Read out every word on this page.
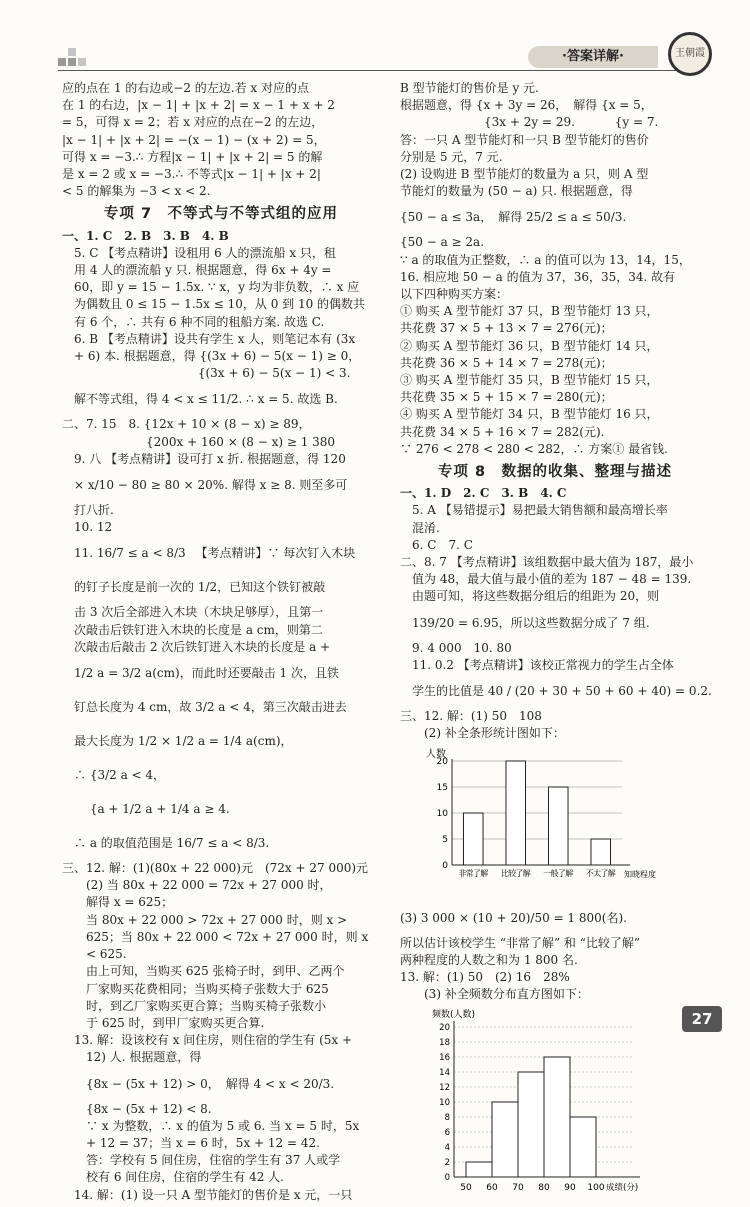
·答案详解·	王朝霞
应的点在 1 的右边或−2 的左边.若 x 对应的点
在 1 的右边，|x − 1| + |x + 2| = x − 1 + x + 2
= 5，可得 x = 2；若 x 对应的点在−2 的左边，
|x − 1| + |x + 2| = −(x − 1) − (x + 2) = 5，
可得 x = −3.∴ 方程|x − 1| + |x + 2| = 5 的解
是 x = 2 或 x = −3.∴ 不等式|x − 1| + |x + 2|
< 5 的解集为 −3 < x < 2.
专项 7　不等式与不等式组的应用
一、1. C　2. B　3. B　4. B
　5. C 【考点精讲】设租用 6 人的漂流船 x 只，租
　用 4 人的漂流船 y 只. 根据题意，得 6x + 4y =
　60，即 y = 15 − 1.5x. ∵ x，y 均为非负数，∴ x 应
　为偶数且 0 ≤ 15 − 1.5x ≤ 10，从 0 到 10 的偶数共
　有 6 个，∴ 共有 6 种不同的租船方案. 故选 C.
　6. B 【考点精讲】设共有学生 x 人，则笔记本有 (3x
　+ 6) 本. 根据题意，得 {(3x + 6) − 5(x − 1) ≥ 0，
　　　　　　　　　　　 {(3x + 6) − 5(x − 1) < 3.
　解不等式组，得 4 < x ≤ 11/2. ∴ x = 5. 故选 B.
二、7. 15　8. {12x + 10 × (8 − x) ≥ 89，
　　　　　　　{200x + 160 × (8 − x) ≥ 1 380
　9. 八 【考点精讲】设可打 x 折. 根据题意，得 120
　× x/10 − 80 ≥ 80 × 20%. 解得 x ≥ 8. 则至多可
　打八折.
　10. 12
　11. 16/7 ≤ a < 8/3 　【考点精讲】∵ 每次钉入木块
　的钉子长度是前一次的 1/2，已知这个铁钉被敲
　击 3 次后全部进入木块（木块足够厚），且第一
　次敲击后铁钉进入木块的长度是 a cm，则第二
　次敲击后敲击 2 次后铁钉进入木块的长度是 a +
　1/2 a = 3/2 a(cm)，而此时还要敲击 1 次，且铁
　钉总长度为 4 cm，故 3/2 a < 4，第三次敲击进去
　最大长度为 1/2 × 1/2 a = 1/4 a(cm)，
　∴ {3/2 a < 4，
　　 {a + 1/2 a + 1/4 a ≥ 4.
　∴ a 的取值范围是 16/7 ≤ a < 8/3.
三、12. 解：(1)(80x + 22 000)元　(72x + 27 000)元
　　(2) 当 80x + 22 000 = 72x + 27 000 时，
　　解得 x = 625；
　　当 80x + 22 000 > 72x + 27 000 时，则 x >
　　625；当 80x + 22 000 < 72x + 27 000 时，则 x
　　< 625.
　　由上可知，当购买 625 张椅子时，到甲、乙两个
　　厂家购买花费相同；当购买椅子张数大于 625
　　时，到乙厂家购买更合算；当购买椅子张数小
　　于 625 时，到甲厂家购买更合算.
　13. 解：设该校有 x 间住房，则住宿的学生有 (5x +
　　12) 人. 根据题意，得
　　{8x − (5x + 12) > 0，　解得 4 < x < 20/3.
　　{8x − (5x + 12) < 8.
　　∵ x 为整数，∴ x 的值为 5 或 6. 当 x = 5 时，5x
　　+ 12 = 37；当 x = 6 时，5x + 12 = 42.
　　答：学校有 5 间住房，住宿的学生有 37 人或学
　　校有 6 间住房，住宿的学生有 42 人.
　14. 解：(1) 设一只 A 型节能灯的售价是 x 元，一只
B 型节能灯的售价是 y 元.
根据题意，得 {x + 3y = 26，　解得 {x = 5，
　　　　　　　{3x + 2y = 29.　　　 {y = 7.
答：一只 A 型节能灯和一只 B 型节能灯的售价
分别是 5 元，7 元.
(2) 设购进 B 型节能灯的数量为 a 只，则 A 型
节能灯的数量为 (50 − a) 只. 根据题意，得
{50 − a ≤ 3a，　解得 25/2 ≤ a ≤ 50/3.
{50 − a ≥ 2a.
∵ a 的取值为正整数，∴ a 的值可以为 13，14，15，
16. 相应地 50 − a 的值为 37，36，35，34. 故有
以下四种购买方案：
① 购买 A 型节能灯 37 只，B 型节能灯 13 只，
共花费 37 × 5 + 13 × 7 = 276(元)；
② 购买 A 型节能灯 36 只，B 型节能灯 14 只，
共花费 36 × 5 + 14 × 7 = 278(元)；
③ 购买 A 型节能灯 35 只，B 型节能灯 15 只，
共花费 35 × 5 + 15 × 7 = 280(元)；
④ 购买 A 型节能灯 34 只，B 型节能灯 16 只，
共花费 34 × 5 + 16 × 7 = 282(元).
∵ 276 < 278 < 280 < 282，∴ 方案① 最省钱.
专项 8　数据的收集、整理与描述
一、1. D　2. C　3. B　4. C
　5. A 【易错提示】易把最大销售额和最高增长率
　混淆.
　6. C　7. C
二、8. 7 【考点精讲】该组数据中最大值为 187，最小
　值为 48，最大值与最小值的差为 187 − 48 = 139.
　由题可知，将这些数据分组后的组距为 20，则
　139/20 = 6.95，所以这些数据分成了 7 组.
　9. 4 000　10. 80
　11. 0.2 【考点精讲】该校正常视力的学生占全体
　学生的比值是 40 / (20 + 30 + 50 + 60 + 40) = 0.2.
三、12. 解：(1) 50　108
　　(2) 补全条形统计图如下：
人数
0
5
10
15
20
非常了解 比较了解 一般了解 不太了解 知晓程度
(3) 3 000 × (10 + 20)/50 = 1 800(名).
所以估计该校学生 “非常了解” 和 “比较了解”
两种程度的人数之和为 1 800 名.
13. 解：(1) 50　(2) 16　28%
　　(3) 补全频数分布直方图如下：
频数(人数)
0
2
4
6
8
10
12
14
16
18
20
50 60 70 80 90 100 成绩(分)
27
